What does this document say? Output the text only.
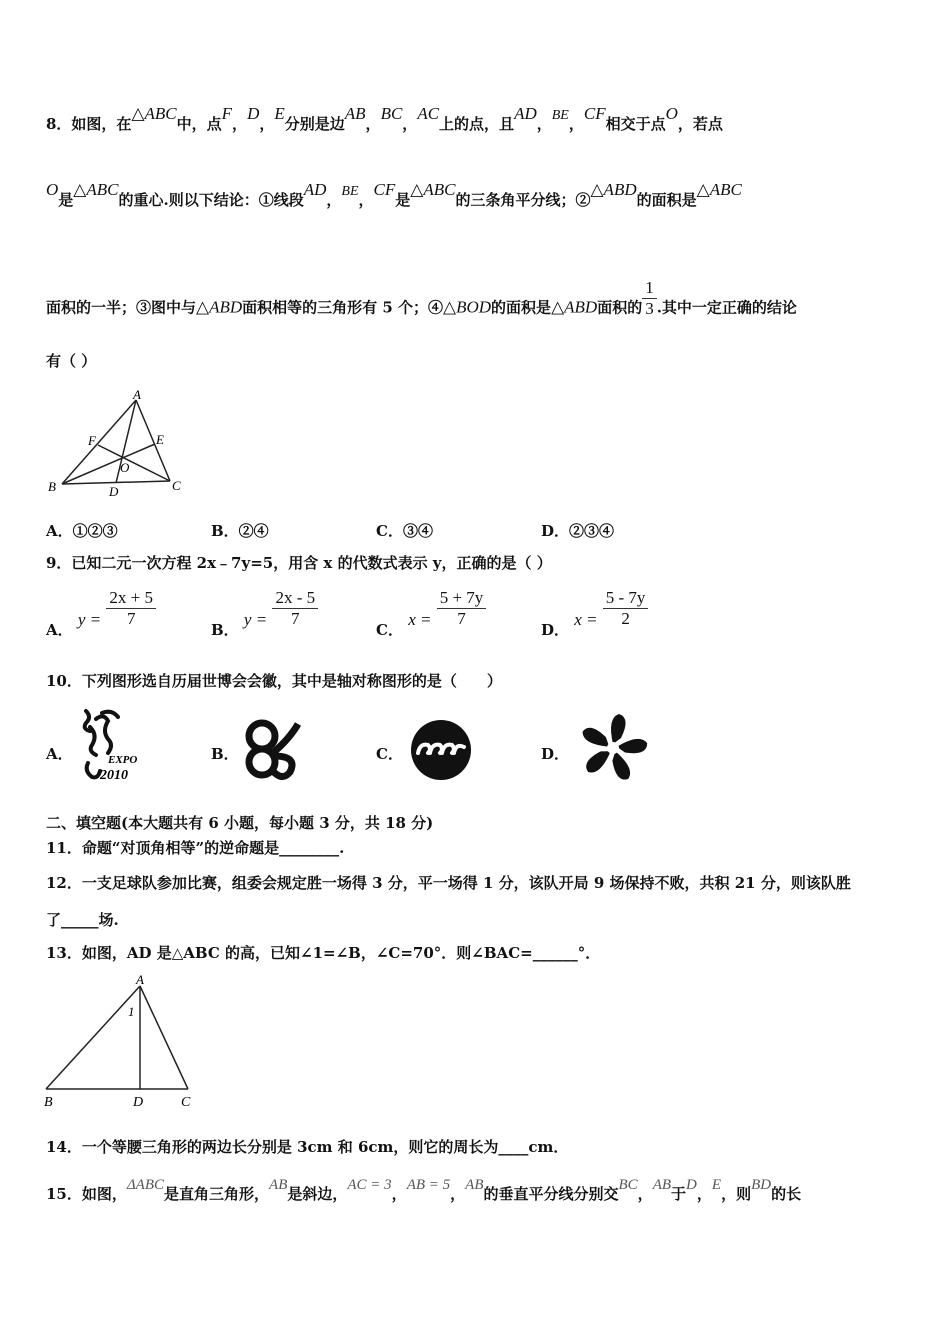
8．如图，在△ABC中，点F，D，E分别是边AB，BC，AC上的点，且AD，BE，CF相交于点O，若点
O是△ABC的重心.则以下结论：①线段AD，BE，CF是△ABC的三条角平分线；②△ABD的面积是△ABC
面积的一半；③图中与△ABD面积相等的三角形有 5 个；④△BOD的面积是△ABD面积的 $\frac{1}{3}$ .其中一定正确的结论
有（ ）
A
F	E
O
B	D	C
A．①②③	B．②④	C．③④	D．②③④
9．已知二元一次方程 2x﹣7y=5，用含 x 的代数式表示 y，正确的是（ ）
A． $y = \frac{2x + 5}{7}$
B． $y = \frac{2x - 5}{7}$
C． $x = \frac{5 + 7y}{7}$
D． $x = \frac{5 - 7y}{2}$
10．下列图形选自历届世博会会徽，其中是轴对称图形的是（　　）
A．	EXPO
2010
B．	C．	D．
二、填空题(本大题共有 6 小题，每小题 3 分，共 18 分)
11．命题“对顶角相等”的逆命题是________.
12．一支足球队参加比赛，组委会规定胜一场得 3 分，平一场得 1 分，该队开局 9 场保持不败，共积 21 分，则该队胜
了_____场.
13．如图，AD 是△ABC 的高，已知∠1=∠B，∠C=70°．则∠BAC=______°．
A
1
B	D	C
14．一个等腰三角形的两边长分别是 3cm 和 6cm，则它的周长为____cm．
15．如图，ΔABC是直角三角形，AB是斜边，AC = 3，AB = 5，AB的垂直平分线分别交BC，AB于D，E，则BD的长
